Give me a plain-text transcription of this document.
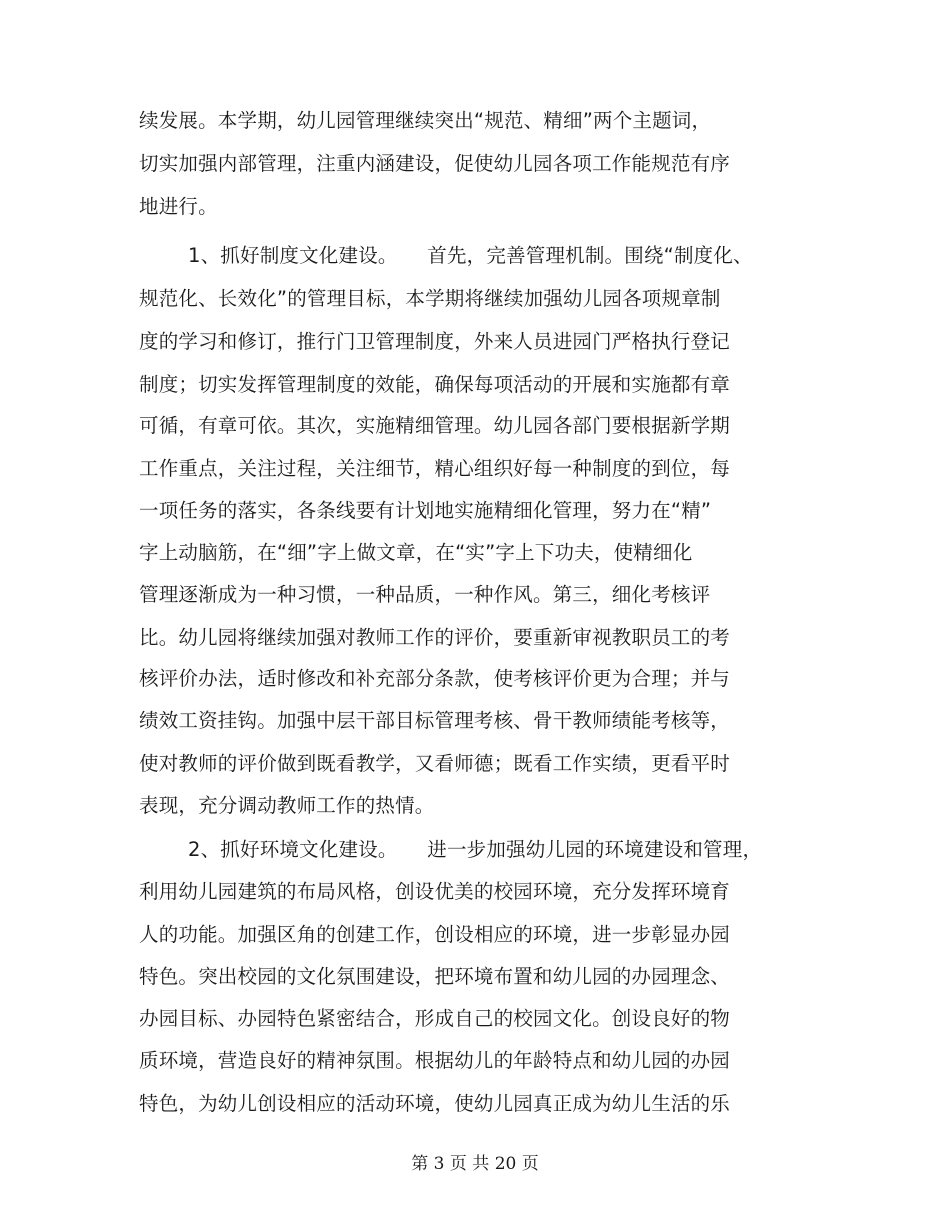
续发展。本学期，幼儿园管理继续突出“规范、精细”两个主题词，
切实加强内部管理，注重内涵建设，促使幼儿园各项工作能规范有序
地进行。
1、抓好制度文化建设。　　首先，完善管理机制。围绕“制度化、
规范化、长效化”的管理目标，本学期将继续加强幼儿园各项规章制
度的学习和修订，推行门卫管理制度，外来人员进园门严格执行登记
制度；切实发挥管理制度的效能，确保每项活动的开展和实施都有章
可循，有章可依。其次，实施精细管理。幼儿园各部门要根据新学期
工作重点，关注过程，关注细节，精心组织好每一种制度的到位，每
一项任务的落实，各条线要有计划地实施精细化管理，努力在“精”
字上动脑筋，在“细”字上做文章，在“实”字上下功夫，使精细化
管理逐渐成为一种习惯，一种品质，一种作风。第三，细化考核评
比。幼儿园将继续加强对教师工作的评价，要重新审视教职员工的考
核评价办法，适时修改和补充部分条款，使考核评价更为合理；并与
绩效工资挂钩。加强中层干部目标管理考核、骨干教师绩能考核等，
使对教师的评价做到既看教学，又看师德；既看工作实绩，更看平时
表现，充分调动教师工作的热情。
2、抓好环境文化建设。　　进一步加强幼儿园的环境建设和管理，
利用幼儿园建筑的布局风格，创设优美的校园环境，充分发挥环境育
人的功能。加强区角的创建工作，创设相应的环境，进一步彰显办园
特色。突出校园的文化氛围建设，把环境布置和幼儿园的办园理念、
办园目标、办园特色紧密结合，形成自己的校园文化。创设良好的物
质环境，营造良好的精神氛围。根据幼儿的年龄特点和幼儿园的办园
特色，为幼儿创设相应的活动环境，使幼儿园真正成为幼儿生活的乐
第 3 页 共 20 页
